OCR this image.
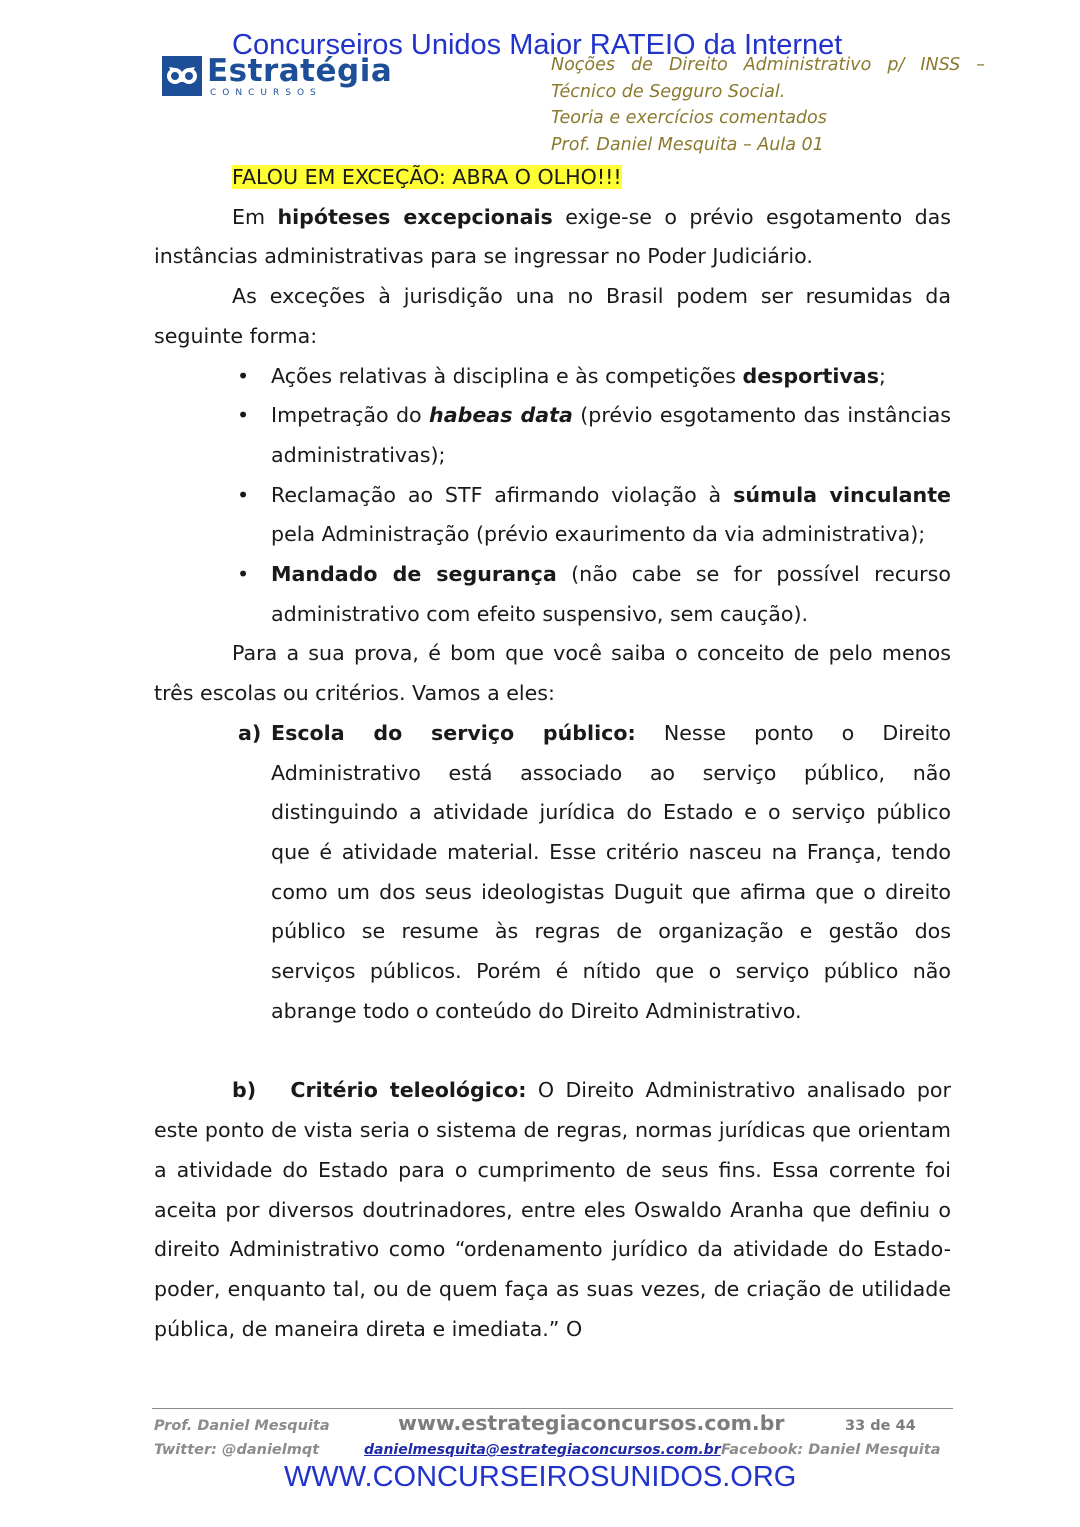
Concurseiros Unidos Maior RATEIO da Internet
Estratégia
CONCURSOS
Noções de Direito Administrativo p/ INSS –
Técnico de Segguro Social.
Teoria e exercícios comentados
Prof. Daniel Mesquita – Aula 01

FALOU EM EXCEÇÃO: ABRA O OLHO!!!

Em hipóteses excepcionais exige-se o prévio esgotamento das instâncias administrativas para se ingressar no Poder Judiciário.

As exceções à jurisdição una no Brasil podem ser resumidas da seguinte forma:

• Ações relativas à disciplina e às competições desportivas;
• Impetração do habeas data (prévio esgotamento das instâncias administrativas);
• Reclamação ao STF afirmando violação à súmula vinculante pela Administração (prévio exaurimento da via administrativa);
• Mandado de segurança (não cabe se for possível recurso administrativo com efeito suspensivo, sem caução).

Para a sua prova, é bom que você saiba o conceito de pelo menos três escolas ou critérios. Vamos a eles:

a) Escola do serviço público: Nesse ponto o Direito Administrativo está associado ao serviço público, não distinguindo a atividade jurídica do Estado e o serviço público que é atividade material. Esse critério nasceu na França, tendo como um dos seus ideologistas Duguit que afirma que o direito público se resume às regras de organização e gestão dos serviços públicos. Porém é nítido que o serviço público não abrange todo o conteúdo do Direito Administrativo.

b) Critério teleológico: O Direito Administrativo analisado por este ponto de vista seria o sistema de regras, normas jurídicas que orientam a atividade do Estado para o cumprimento de seus fins. Essa corrente foi aceita por diversos doutrinadores, entre eles Oswaldo Aranha que definiu o direito Administrativo como “ordenamento jurídico da atividade do Estado-poder, enquanto tal, ou de quem faça as suas vezes, de criação de utilidade pública, de maneira direta e imediata.” O

Prof. Daniel Mesquita	www.estrategiaconcursos.com.br	33 de 44
Twitter: @danielmqt	danielmesquita@estrategiaconcursos.com.br Facebook: Daniel Mesquita
WWW.CONCURSEIROSUNIDOS.ORG
